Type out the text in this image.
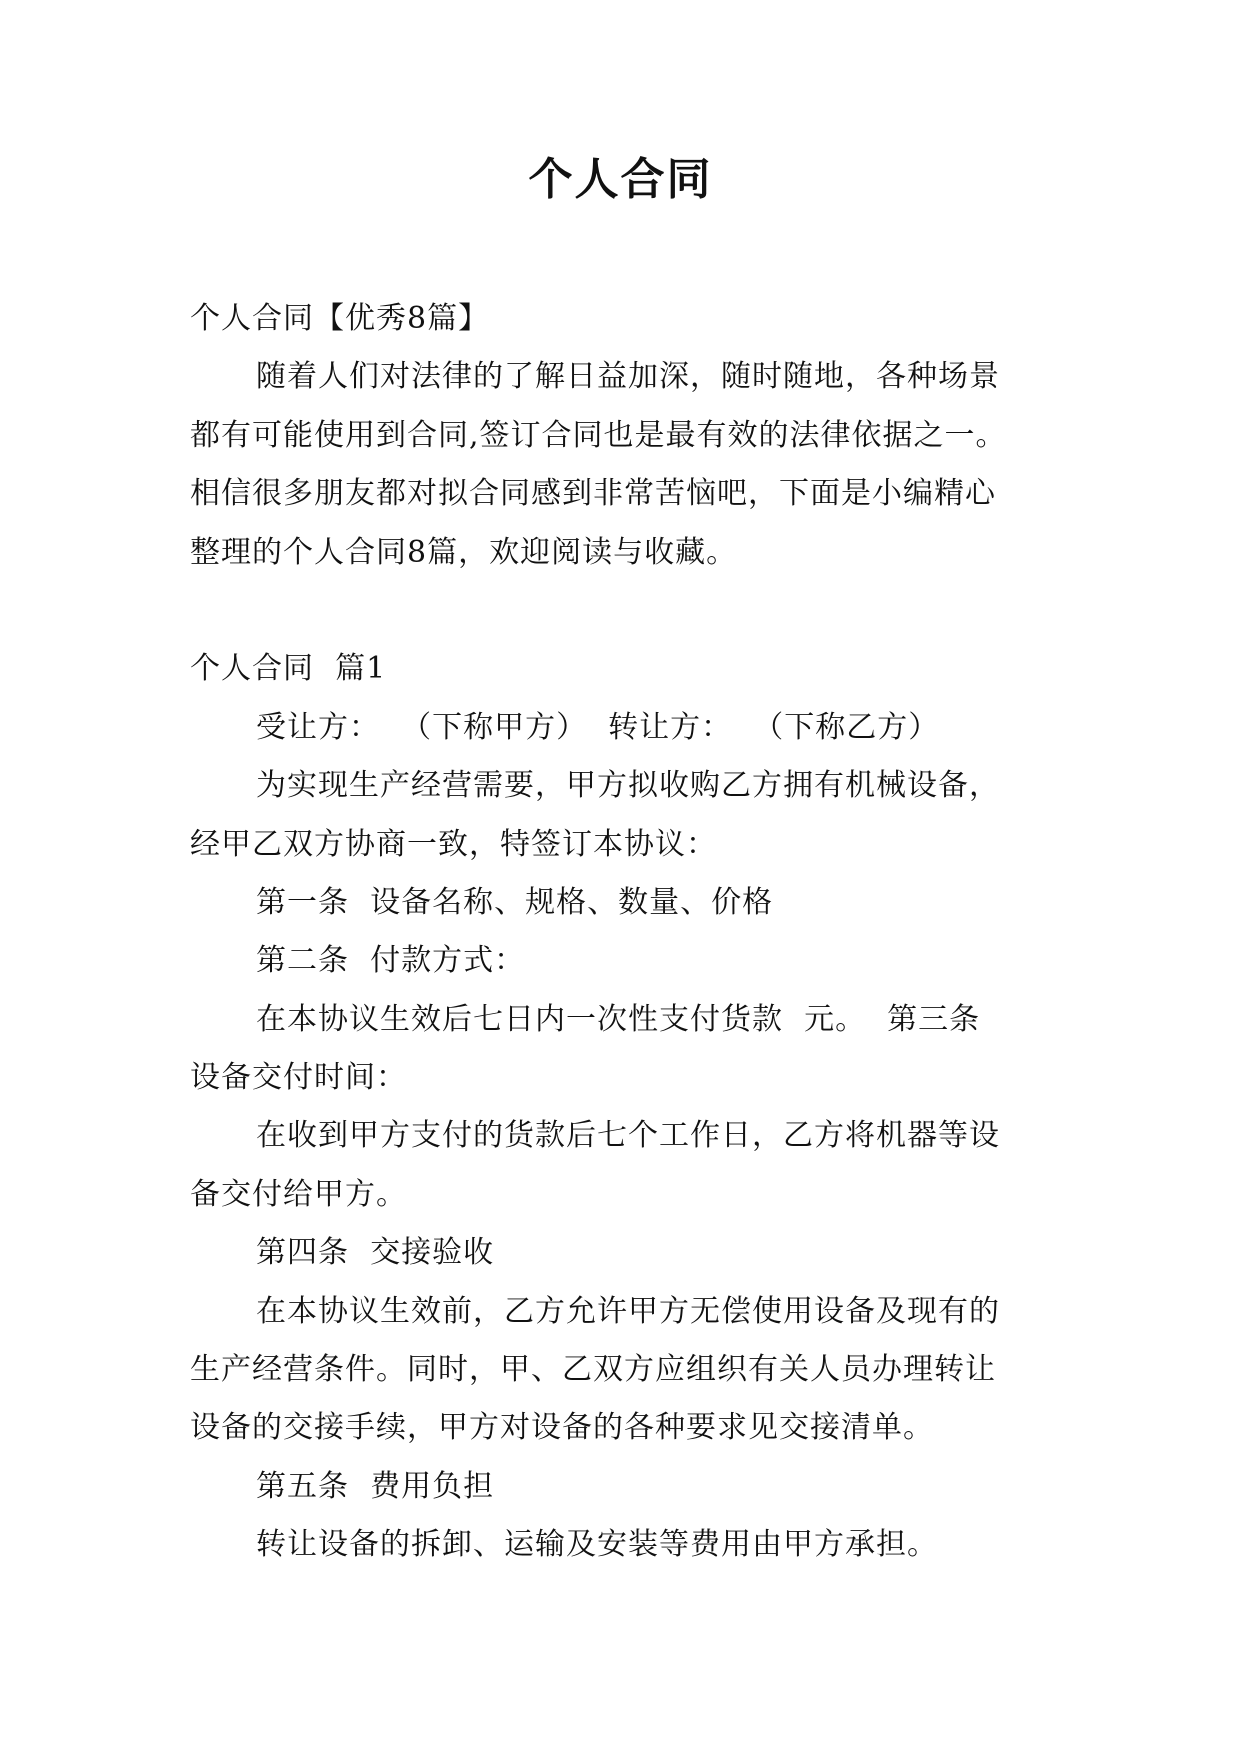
个人合同

个人合同【优秀8篇】

随着人们对法律的了解日益加深，随时随地，各种场景

都有可能使用到合同,签订合同也是最有效的法律依据之一。

相信很多朋友都对拟合同感到非常苦恼吧，下面是小编精心

整理的个人合同8篇，欢迎阅读与收藏。

个人合同  篇1

受让方：  （下称甲方）  转让方：  （下称乙方）

为实现生产经营需要，甲方拟收购乙方拥有机械设备，

经甲乙双方协商一致，特签订本协议：

第一条  设备名称、规格、数量、价格

第二条  付款方式：

在本协议生效后七日内一次性支付货款  元。  第三条

设备交付时间：

在收到甲方支付的货款后七个工作日，乙方将机器等设

备交付给甲方。

第四条  交接验收

在本协议生效前，乙方允许甲方无偿使用设备及现有的

生产经营条件。同时，甲、乙双方应组织有关人员办理转让

设备的交接手续，甲方对设备的各种要求见交接清单。

第五条  费用负担

转让设备的拆卸、运输及安装等费用由甲方承担。
